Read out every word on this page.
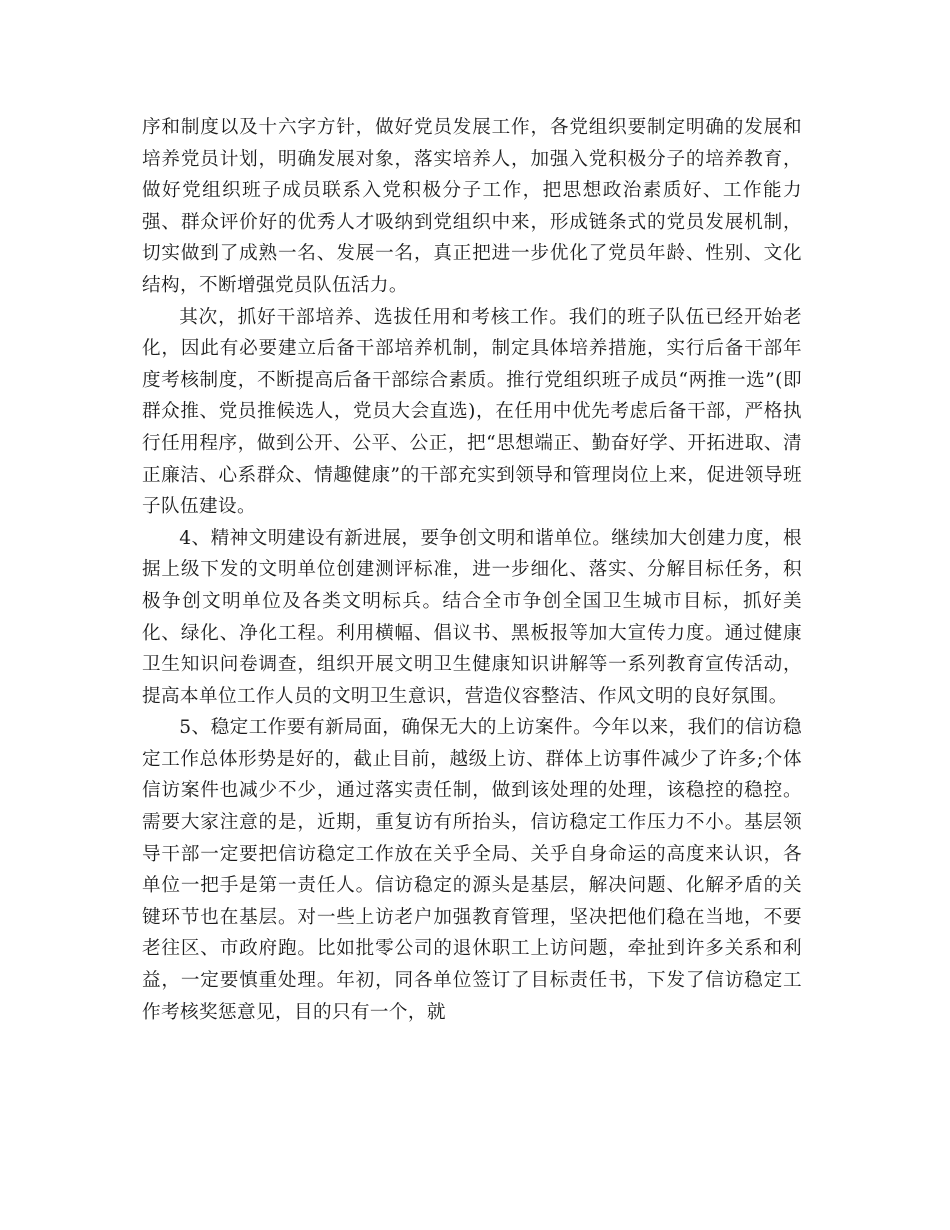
序和制度以及十六字方针，做好党员发展工作，各党组织要制定明确的发展和培养党员计划，明确发展对象，落实培养人，加强入党积极分子的培养教育，做好党组织班子成员联系入党积极分子工作，把思想政治素质好、工作能力强、群众评价好的优秀人才吸纳到党组织中来，形成链条式的党员发展机制，切实做到了成熟一名、发展一名，真正把进一步优化了党员年龄、性别、文化结构，不断增强党员队伍活力。

其次，抓好干部培养、选拔任用和考核工作。我们的班子队伍已经开始老化，因此有必要建立后备干部培养机制，制定具体培养措施，实行后备干部年度考核制度，不断提高后备干部综合素质。推行党组织班子成员“两推一选”(即群众推、党员推候选人，党员大会直选)，在任用中优先考虑后备干部，严格执行任用程序，做到公开、公平、公正，把“思想端正、勤奋好学、开拓进取、清正廉洁、心系群众、情趣健康”的干部充实到领导和管理岗位上来，促进领导班子队伍建设。

4、精神文明建设有新进展，要争创文明和谐单位。继续加大创建力度，根据上级下发的文明单位创建测评标准，进一步细化、落实、分解目标任务，积极争创文明单位及各类文明标兵。结合全市争创全国卫生城市目标，抓好美化、绿化、净化工程。利用横幅、倡议书、黑板报等加大宣传力度。通过健康卫生知识问卷调查，组织开展文明卫生健康知识讲解等一系列教育宣传活动，提高本单位工作人员的文明卫生意识，营造仪容整洁、作风文明的良好氛围。

5、稳定工作要有新局面，确保无大的上访案件。今年以来，我们的信访稳定工作总体形势是好的，截止目前，越级上访、群体上访事件减少了许多;个体信访案件也减少不少，通过落实责任制，做到该处理的处理，该稳控的稳控。需要大家注意的是，近期，重复访有所抬头，信访稳定工作压力不小。基层领导干部一定要把信访稳定工作放在关乎全局、关乎自身命运的高度来认识，各单位一把手是第一责任人。信访稳定的源头是基层，解决问题、化解矛盾的关键环节也在基层。对一些上访老户加强教育管理，坚决把他们稳在当地，不要老往区、市政府跑。比如批零公司的退休职工上访问题，牵扯到许多关系和利益，一定要慎重处理。年初，同各单位签订了目标责任书，下发了信访稳定工作考核奖惩意见，目的只有一个，就
